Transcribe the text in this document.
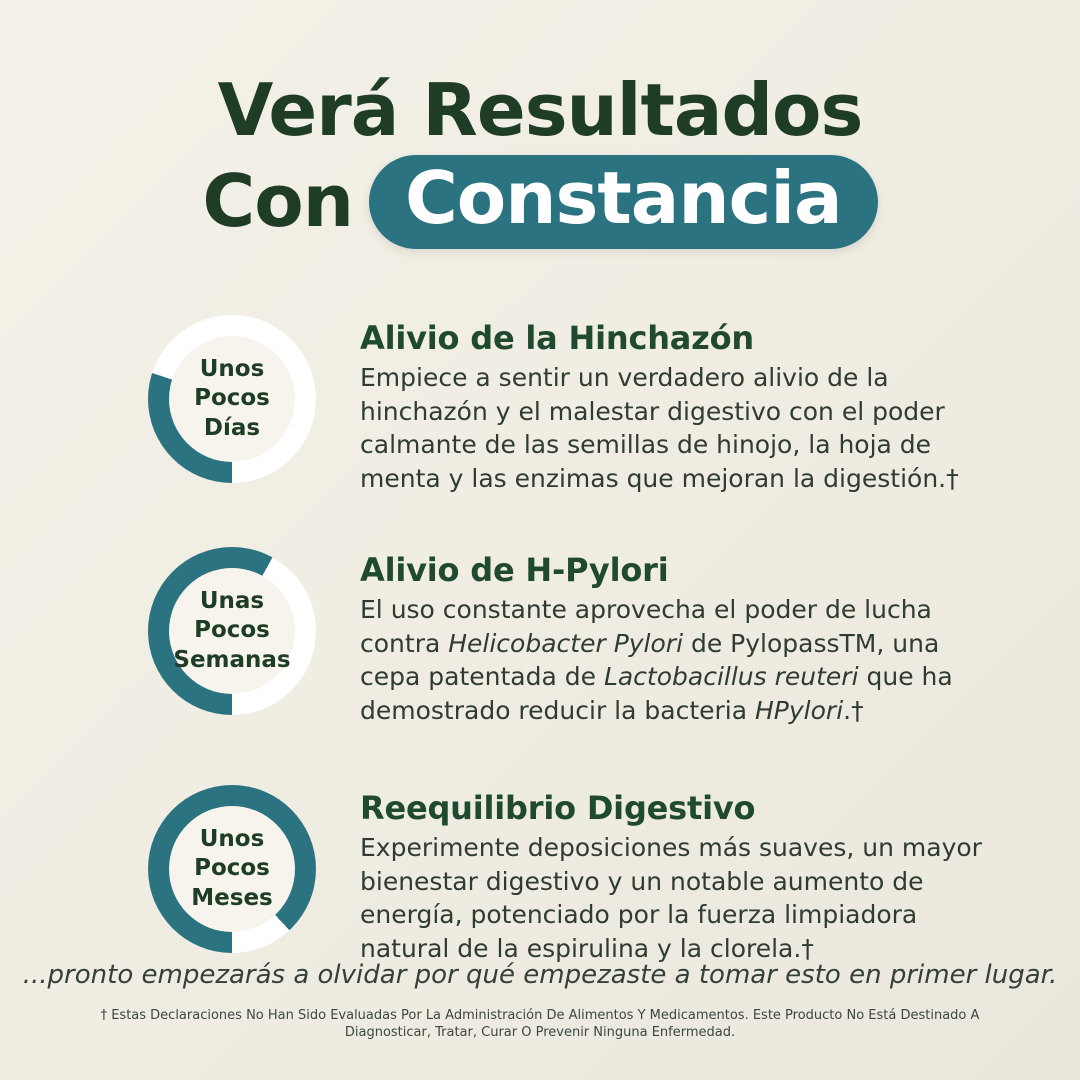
Verá Resultados
Con Constancia
Unos
Pocos
Días
Alivio de la Hinchazón

Empiece a sentir un verdadero alivio de la hinchazón y el malestar digestivo con el poder calmante de las semillas de hinojo, la hoja de menta y las enzimas que mejoran la digestión.†

Unas
Pocos
Semanas
Alivio de H-Pylori

El uso constante aprovecha el poder de lucha contra Helicobacter Pylori de PylopassTM, una cepa patentada de Lactobacillus reuteri que ha demostrado reducir la bacteria HPylori.†

Unos
Pocos
Meses
Reequilibrio Digestivo

Experimente deposiciones más suaves, un mayor bienestar digestivo y un notable aumento de energía, potenciado por la fuerza limpiadora natural de la espirulina y la clorela.†

...pronto empezarás a olvidar por qué empezaste a tomar esto en primer lugar.

† Estas Declaraciones No Han Sido Evaluadas Por La Administración De Alimentos Y Medicamentos. Este Producto No Está Destinado A Diagnosticar, Tratar, Curar O Prevenir Ninguna Enfermedad.
